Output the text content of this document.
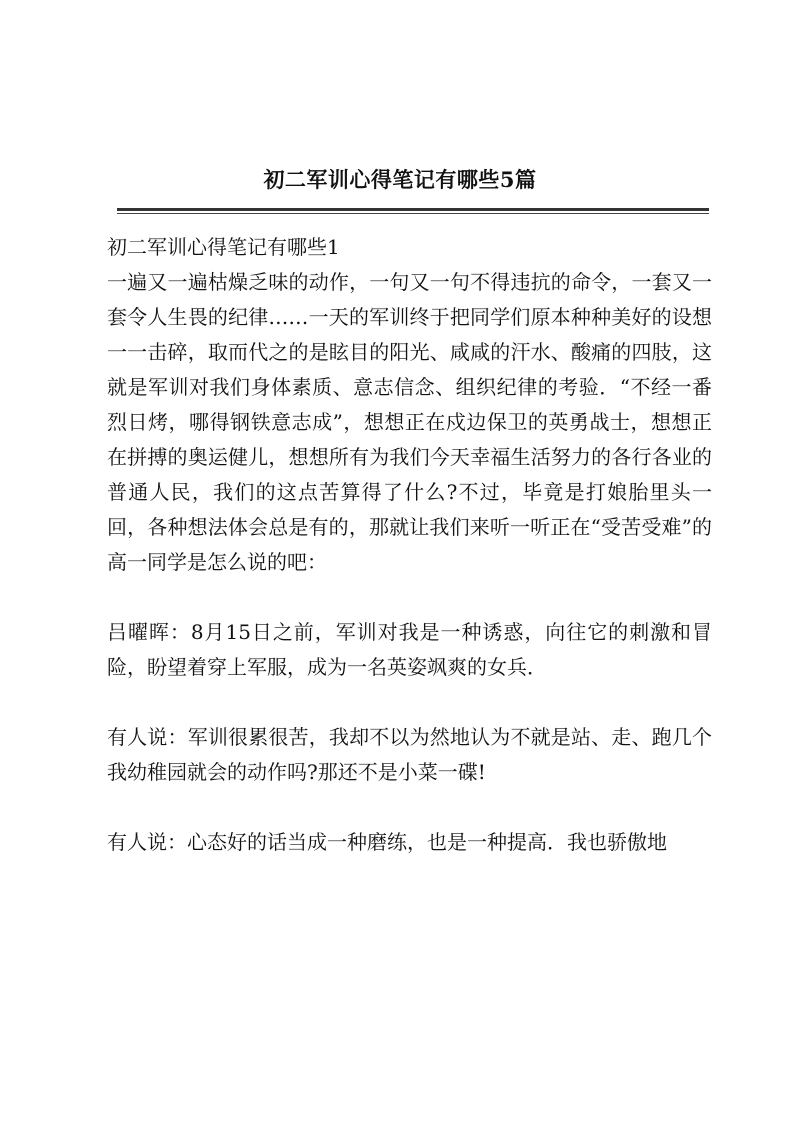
初二军训心得笔记有哪些5篇

初二军训心得笔记有哪些1

一遍又一遍枯燥乏味的动作，一句又一句不得违抗的命令，一套又一套令人生畏的纪律……一天的军训终于把同学们原本种种美好的设想一一击碎，取而代之的是眩目的阳光、咸咸的汗水、酸痛的四肢，这就是军训对我们身体素质、意志信念、组织纪律的考验．“不经一番烈日烤，哪得钢铁意志成”，想想正在戍边保卫的英勇战士，想想正在拼搏的奥运健儿，想想所有为我们今天幸福生活努力的各行各业的普通人民，我们的这点苦算得了什么?不过，毕竟是打娘胎里头一回，各种想法体会总是有的，那就让我们来听一听正在“受苦受难”的高一同学是怎么说的吧：

吕曜晖：8月15日之前，军训对我是一种诱惑，向往它的刺激和冒险，盼望着穿上军服，成为一名英姿飒爽的女兵．

有人说：军训很累很苦，我却不以为然地认为不就是站、走、跑几个我幼稚园就会的动作吗?那还不是小菜一碟!

有人说：心态好的话当成一种磨练，也是一种提高．我也骄傲地
